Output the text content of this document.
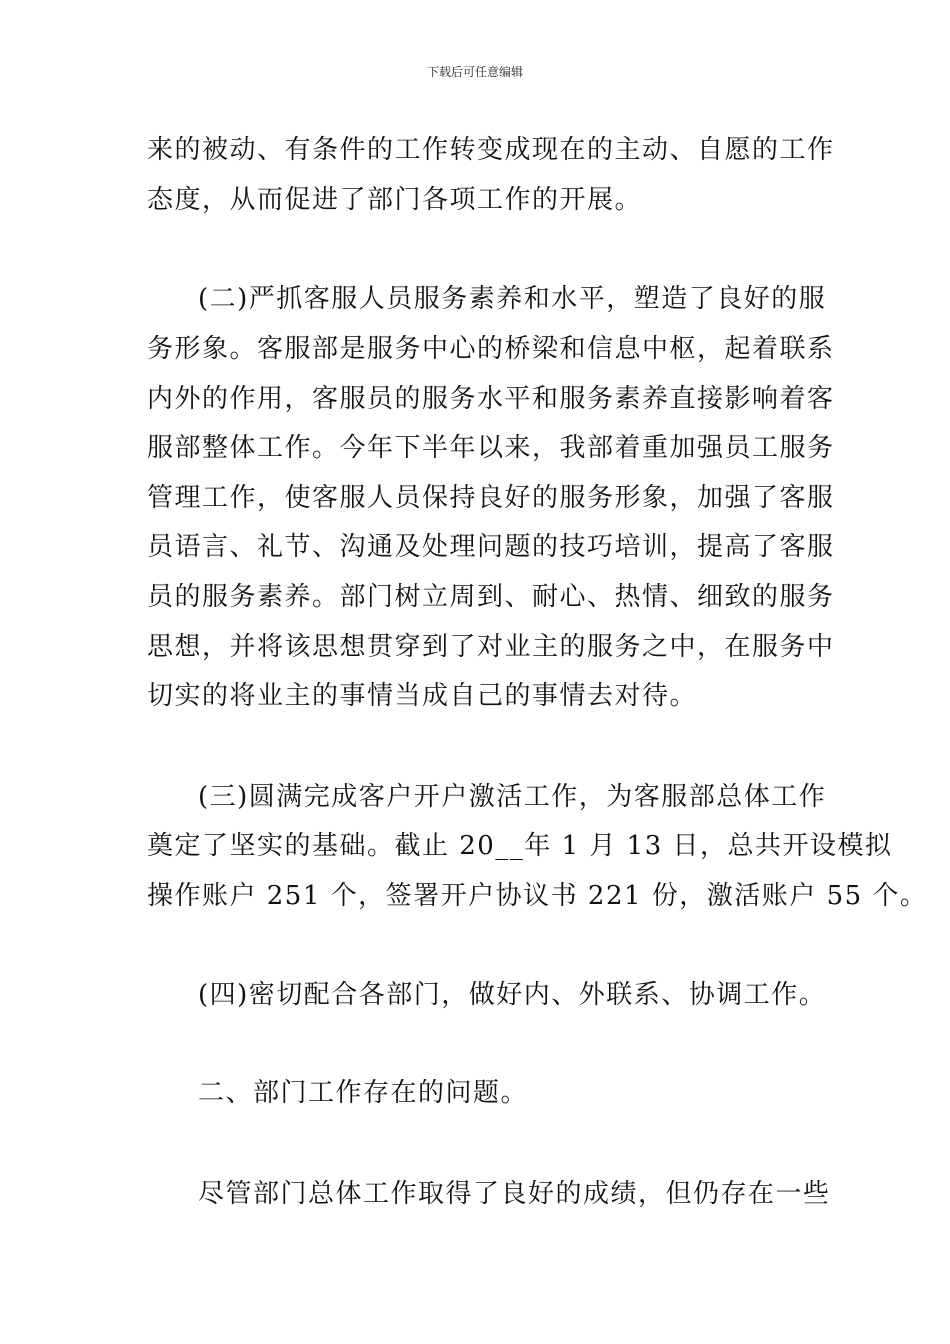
下载后可任意编辑
来的被动、有条件的工作转变成现在的主动、自愿的工作
态度，从而促进了部门各项工作的开展。
(二)严抓客服人员服务素养和水平，塑造了良好的服
务形象。客服部是服务中心的桥梁和信息中枢，起着联系
内外的作用，客服员的服务水平和服务素养直接影响着客
服部整体工作。今年下半年以来，我部着重加强员工服务
管理工作，使客服人员保持良好的服务形象，加强了客服
员语言、礼节、沟通及处理问题的技巧培训，提高了客服
员的服务素养。部门树立周到、耐心、热情、细致的服务
思想，并将该思想贯穿到了对业主的服务之中，在服务中
切实的将业主的事情当成自己的事情去对待。
(三)圆满完成客户开户激活工作，为客服部总体工作
奠定了坚实的基础。截止 20__年 1 月 13 日，总共开设模拟
操作账户 251 个，签署开户协议书 221 份，激活账户 55 个。
(四)密切配合各部门，做好内、外联系、协调工作。
二、部门工作存在的问题。
尽管部门总体工作取得了良好的成绩，但仍存在一些
